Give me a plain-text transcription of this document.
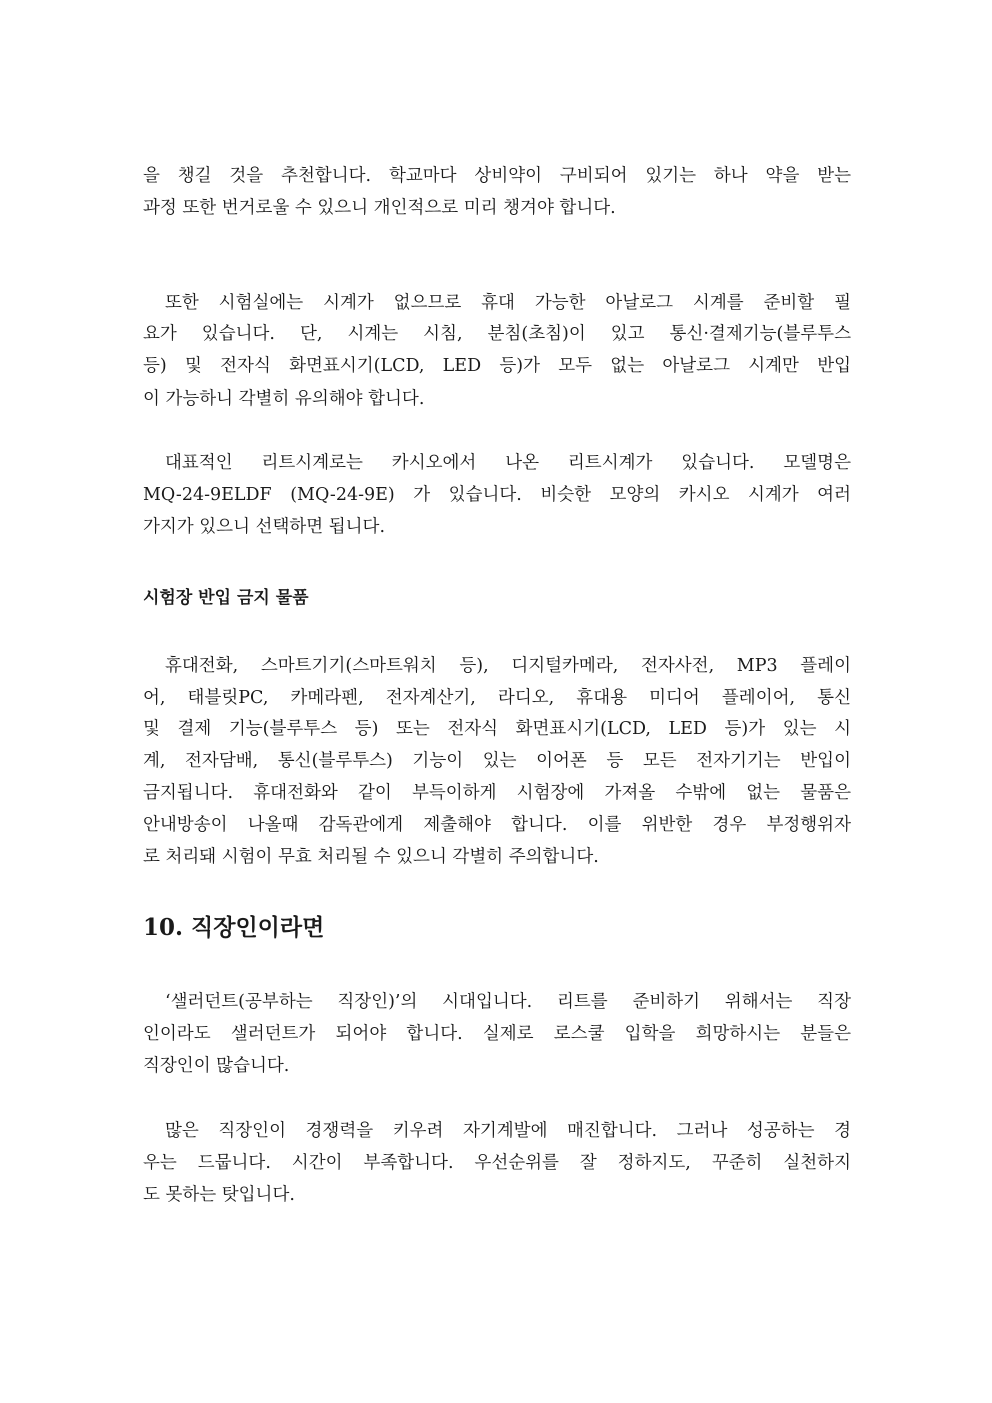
을 챙길 것을 추천합니다. 학교마다 상비약이 구비되어 있기는 하나 약을 받는
과정 또한 번거로울 수 있으니 개인적으로 미리 챙겨야 합니다.
또한 시험실에는 시계가 없으므로 휴대 가능한 아날로그 시계를 준비할 필
요가 있습니다. 단, 시계는 시침, 분침(초침)이 있고 통신·결제기능(블루투스
등) 및 전자식 화면표시기(LCD, LED 등)가 모두 없는 아날로그 시계만 반입
이 가능하니 각별히 유의해야 합니다.
대표적인 리트시계로는 카시오에서 나온 리트시계가 있습니다. 모델명은
MQ-24-9ELDF (MQ-24-9E) 가 있습니다. 비슷한 모양의 카시오 시계가 여러
가지가 있으니 선택하면 됩니다.
시험장 반입 금지 물품
휴대전화, 스마트기기(스마트워치 등), 디지털카메라, 전자사전, MP3 플레이
어, 태블릿PC, 카메라펜, 전자계산기, 라디오, 휴대용 미디어 플레이어, 통신
및 결제 기능(블루투스 등) 또는 전자식 화면표시기(LCD, LED 등)가 있는 시
계, 전자담배, 통신(블루투스) 기능이 있는 이어폰 등 모든 전자기기는 반입이
금지됩니다. 휴대전화와 같이 부득이하게 시험장에 가져올 수밖에 없는 물품은
안내방송이 나올때 감독관에게 제출해야 합니다. 이를 위반한 경우 부정행위자
로 처리돼 시험이 무효 처리될 수 있으니 각별히 주의합니다.
10. 직장인이라면
‘샐러던트(공부하는 직장인)’의 시대입니다. 리트를 준비하기 위해서는 직장
인이라도 샐러던트가 되어야 합니다. 실제로 로스쿨 입학을 희망하시는 분들은
직장인이 많습니다.
많은 직장인이 경쟁력을 키우려 자기계발에 매진합니다. 그러나 성공하는 경
우는 드뭅니다. 시간이 부족합니다. 우선순위를 잘 정하지도, 꾸준히 실천하지
도 못하는 탓입니다.
